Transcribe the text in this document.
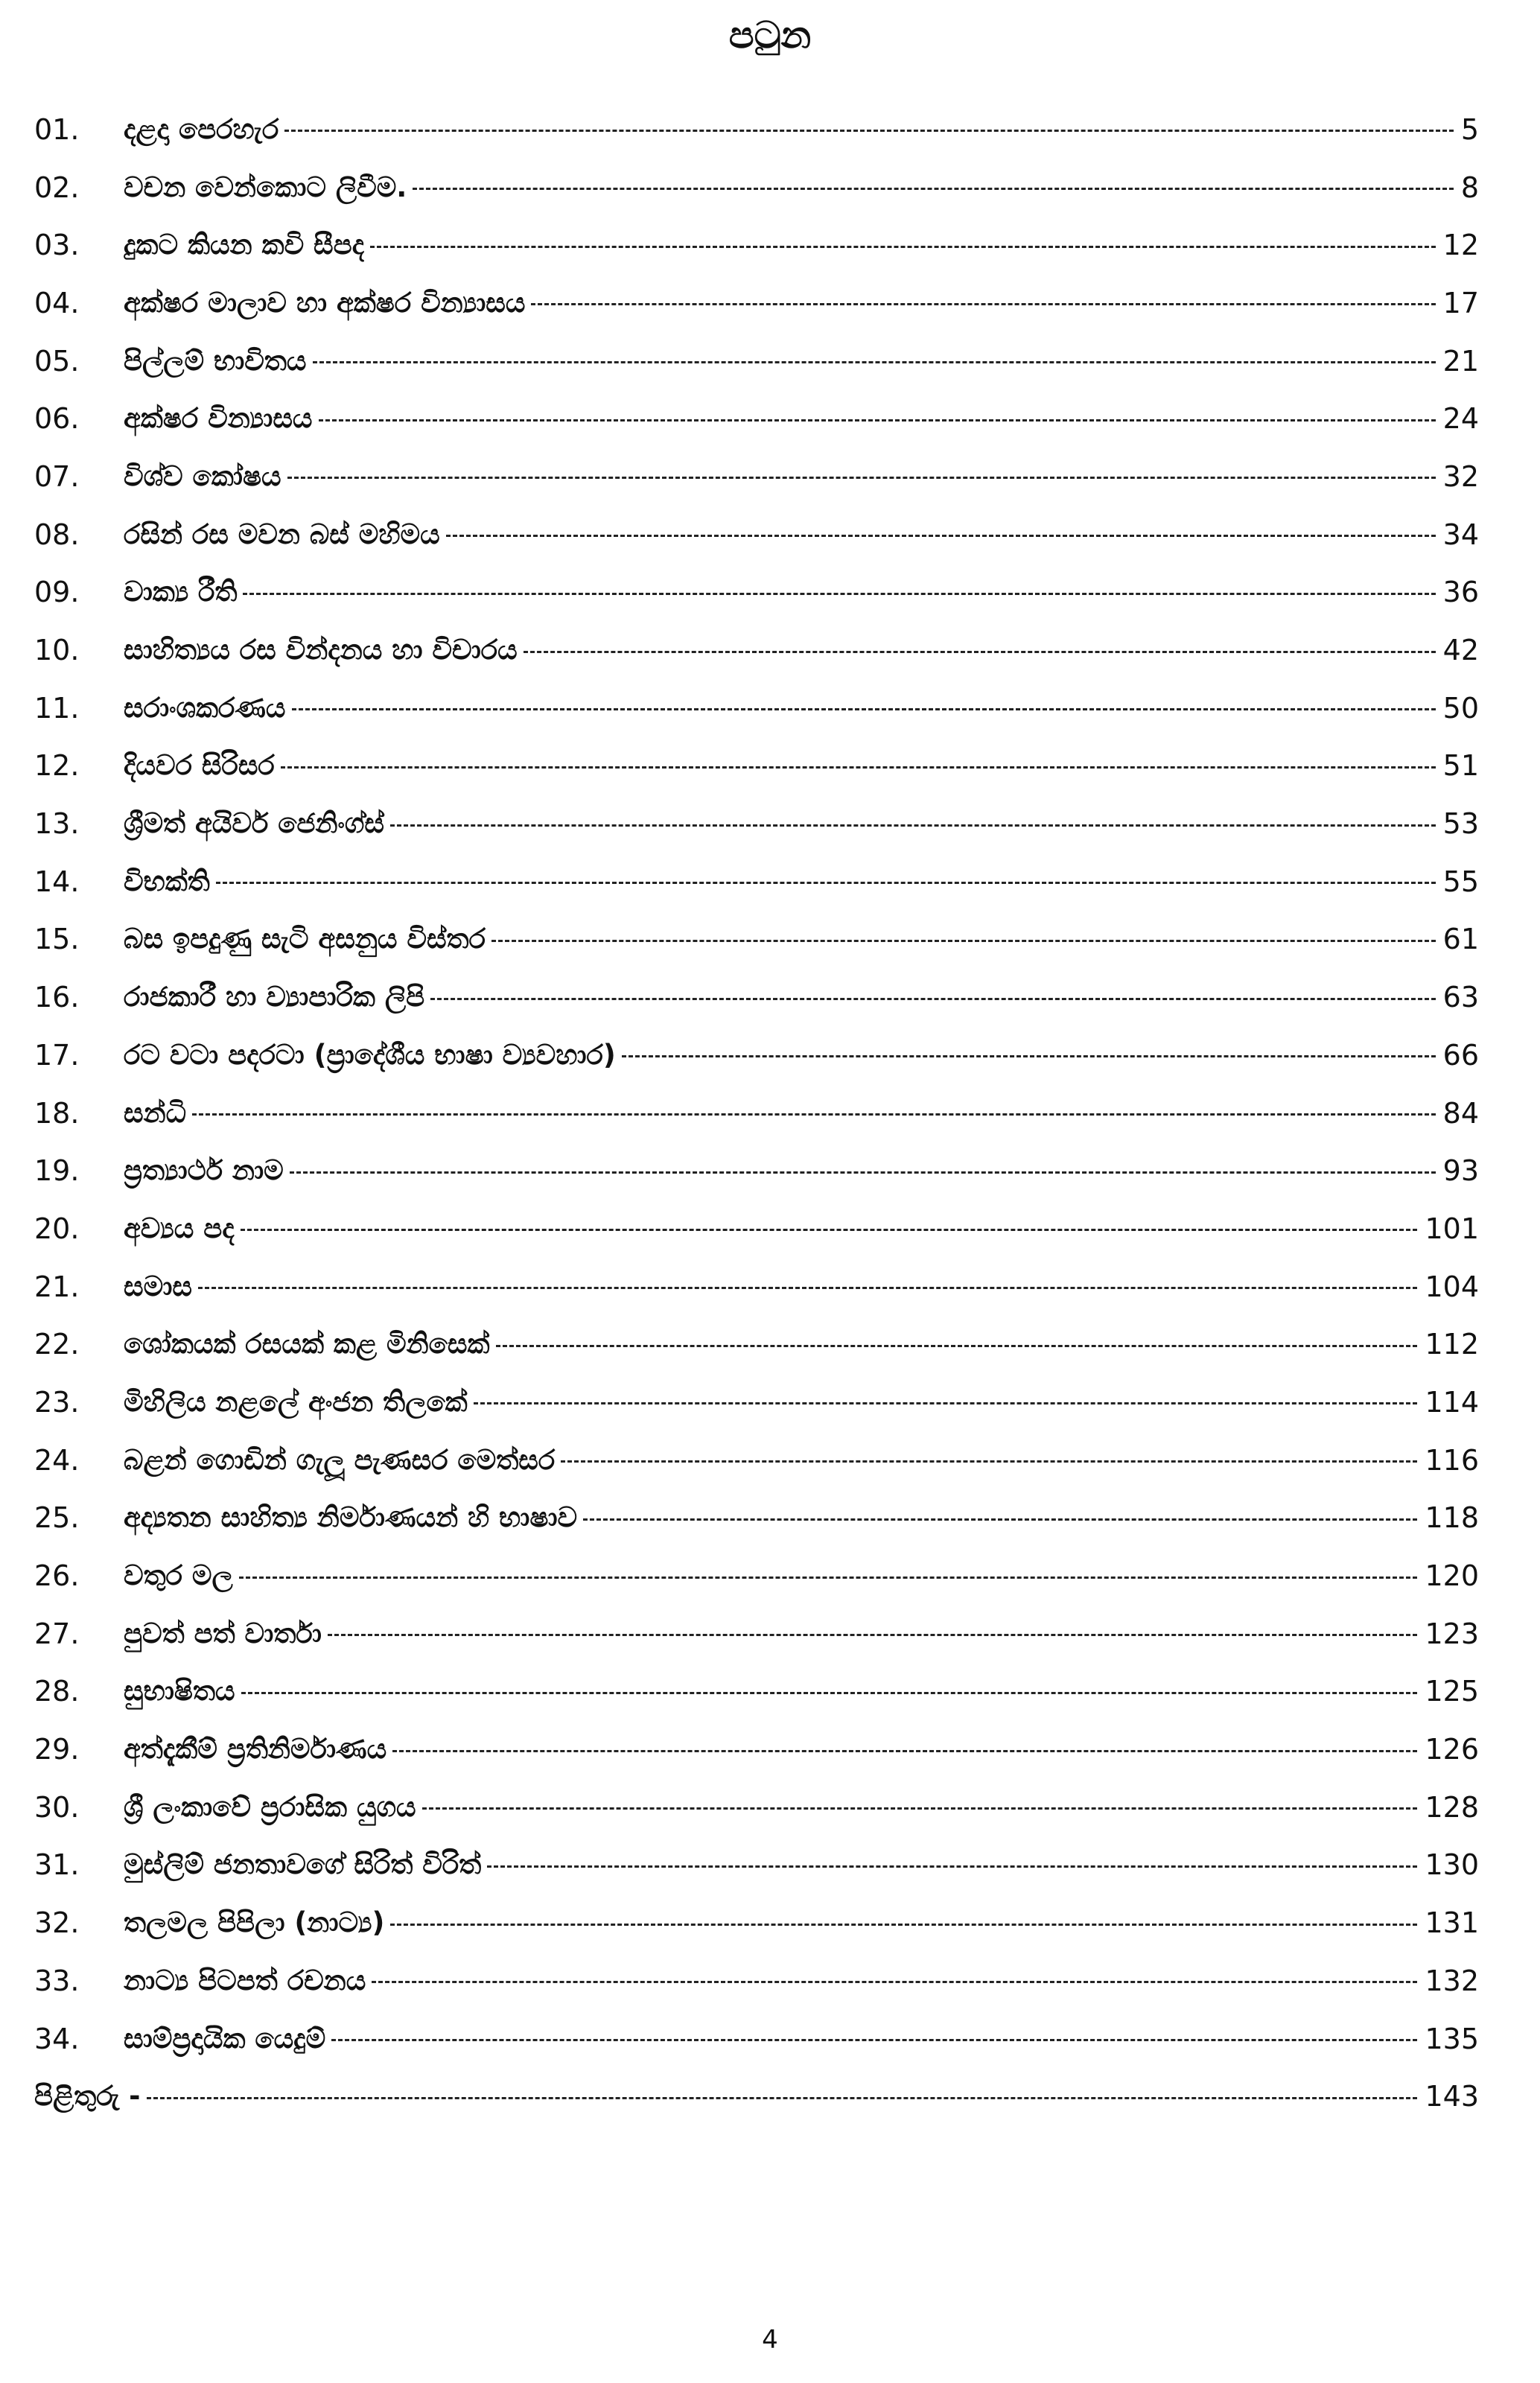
පටුන
01.	දළදා පෙරහැර	5
02.	වචන වෙන්කොට ලිවීම.	8
03.	දුකට කියන කවි සීපද	12
04.	අක්ෂර මාලාව හා අක්ෂර වින්‍යාසය	17
05.	පිල්ලම් භාවිතය	21
06.	අක්ෂර වින්‍යාසය	24
07.	විශ්ව කෝෂය	32
08.	රසින් රස මවන බස් මහිමය	34
09.	වාක්‍ය රීති	36
10.	සාහිත්‍යය රස වින්දනය හා විචාරය	42
11.	සරාංශකරණය	50
12.	දියවර සිරිසර	51
13.	ශ්‍රීමත් අයිවර් ජෙනිංග්ස්	53
14.	විභක්ති	55
15.	බස ඉපදුණු සැටි අසනුය විස්තර	61
16.	රාජකාරී හා ව්‍යාපාරික ලිපි	63
17.	රට වටා පදරටා (ප්‍රාදේශීය භාෂා ව්‍යවහාර)	66
18.	සන්ධි	84
19.	ප්‍රත්‍යාර්ථ නාම	93
20.	අව්‍යය පද	101
21.	සමාස	104
22.	ශෝකයක් රසයක් කළ මිනිසෙක්	112
23.	මිහිලිය නළලේ අංජන තිලකේ	114
24.	බළන් ගොඩින් ගැලූ පැණසර මෙත්සර	116
25.	අද්‍යතන සාහිත්‍ය නිර්මාණයන් හි භාෂාව	118
26.	වතුර මල	120
27.	පුවත් පත් වාර්තා	123
28.	සුභාෂිතය	125
29.	අත්දැකීම් ප්‍රතිනිර්මාණය	126
30.	ශ්‍රී ලංකාවේ ප්‍රරාසික යුගය	128
31.	මුස්ලිම් ජනතාවගේ සිරිත් විරිත්	130
32.	තලමල පිපිලා (නාට්‍ය)	131
33.	නාට්‍ය පිටපත් රචනය	132
34.	සාම්ප්‍රදායික යෙදුම්	135
පිළිතුරු -	143
4
